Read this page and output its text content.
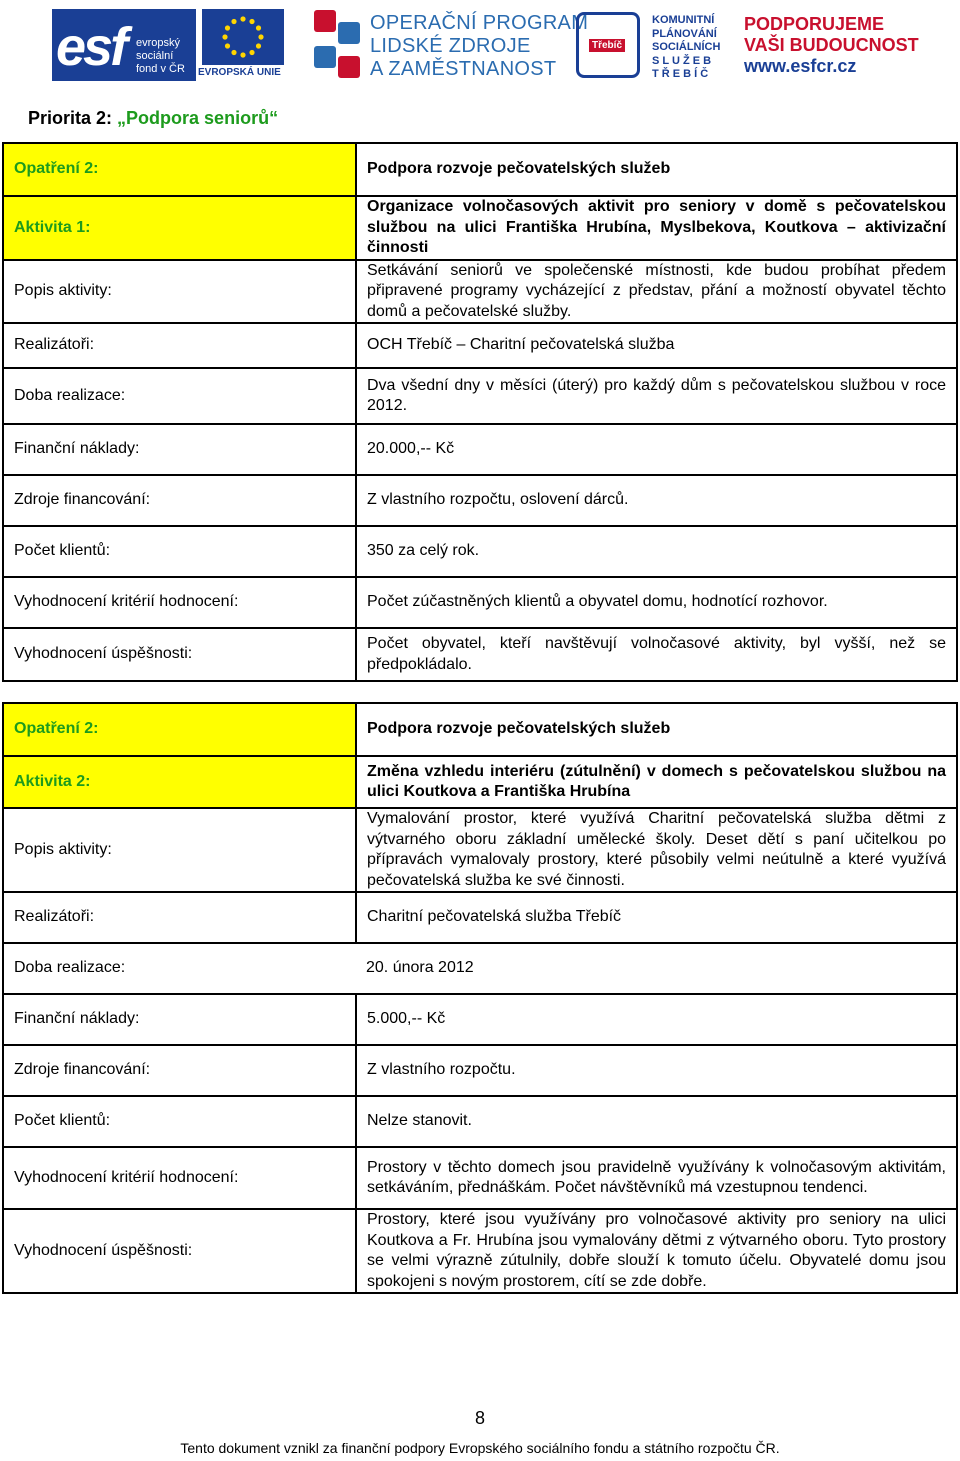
esf evropský sociální fond v ČR	EVROPSKÁ UNIE
OPERAČNÍ PROGRAM
LIDSKÉ ZDROJE
A ZAMĚSTNANOST
Třebíč
KOMUNITNÍ
PLÁNOVÁNÍ
SOCIÁLNÍCH
S L U Ž E B
T Ř E B Í Č
PODPORUJEME
VAŠI BUDOUCNOST
www.esfcr.cz
Priorita 2: „Podpora seniorů“
Opatření 2:	Podpora rozvoje pečovatelských služeb
Aktivita 1:	Organizace volnočasových aktivit pro seniory v domě s pečovatelskou službou na ulici Františka Hrubína, Myslbekova, Koutkova – aktivizační činnosti
Popis aktivity:	Setkávání seniorů ve společenské místnosti, kde budou probíhat předem připravené programy vycházející z představ, přání a možností obyvatel těchto domů a pečovatelské služby.
Realizátoři:	OCH Třebíč – Charitní pečovatelská služba
Doba realizace:	Dva všední dny v měsíci (úterý) pro každý dům s pečovatelskou službou v roce 2012.
Finanční náklady:	20.000,-- Kč
Zdroje financování:	Z vlastního rozpočtu, oslovení dárců.
Počet klientů:	350 za celý rok.
Vyhodnocení kritérií hodnocení:	Počet zúčastněných klientů a obyvatel domu, hodnotící rozhovor.
Vyhodnocení úspěšnosti:	Počet obyvatel, kteří navštěvují volnočasové aktivity, byl vyšší, než se předpokládalo.
Opatření 2:	Podpora rozvoje pečovatelských služeb
Aktivita 2:	Změna vzhledu interiéru (zútulnění) v domech s pečovatelskou službou na ulici Koutkova a Františka Hrubína
Popis aktivity:	Vymalování prostor, které využívá Charitní pečovatelská služba dětmi z výtvarného oboru základní umělecké školy. Deset dětí s paní učitelkou po přípravách vymalovaly prostory, které působily velmi neútulně a které využívá pečovatelská služba ke své činnosti.
Realizátoři:	Charitní pečovatelská služba Třebíč

Doba realizace: 20. února 2012	

Finanční náklady:	5.000,-- Kč
Zdroje financování:	Z vlastního rozpočtu.
Počet klientů:	Nelze stanovit.
Vyhodnocení kritérií hodnocení:	Prostory v těchto domech jsou pravidelně využívány k volnočasovým aktivitám, setkáváním, přednáškám. Počet návštěvníků má vzestupnou tendenci.
Vyhodnocení úspěšnosti:	Prostory, které jsou využívány pro volnočasové aktivity pro seniory na ulici Koutkova a Fr. Hrubína jsou vymalovány dětmi z výtvarného oboru. Tyto prostory se velmi výrazně zútulnily, dobře slouží k tomuto účelu. Obyvatelé domu jsou spokojeni s novým prostorem, cítí se zde dobře.
8
Tento dokument vznikl za finanční podpory Evropského sociálního fondu a státního rozpočtu ČR.
